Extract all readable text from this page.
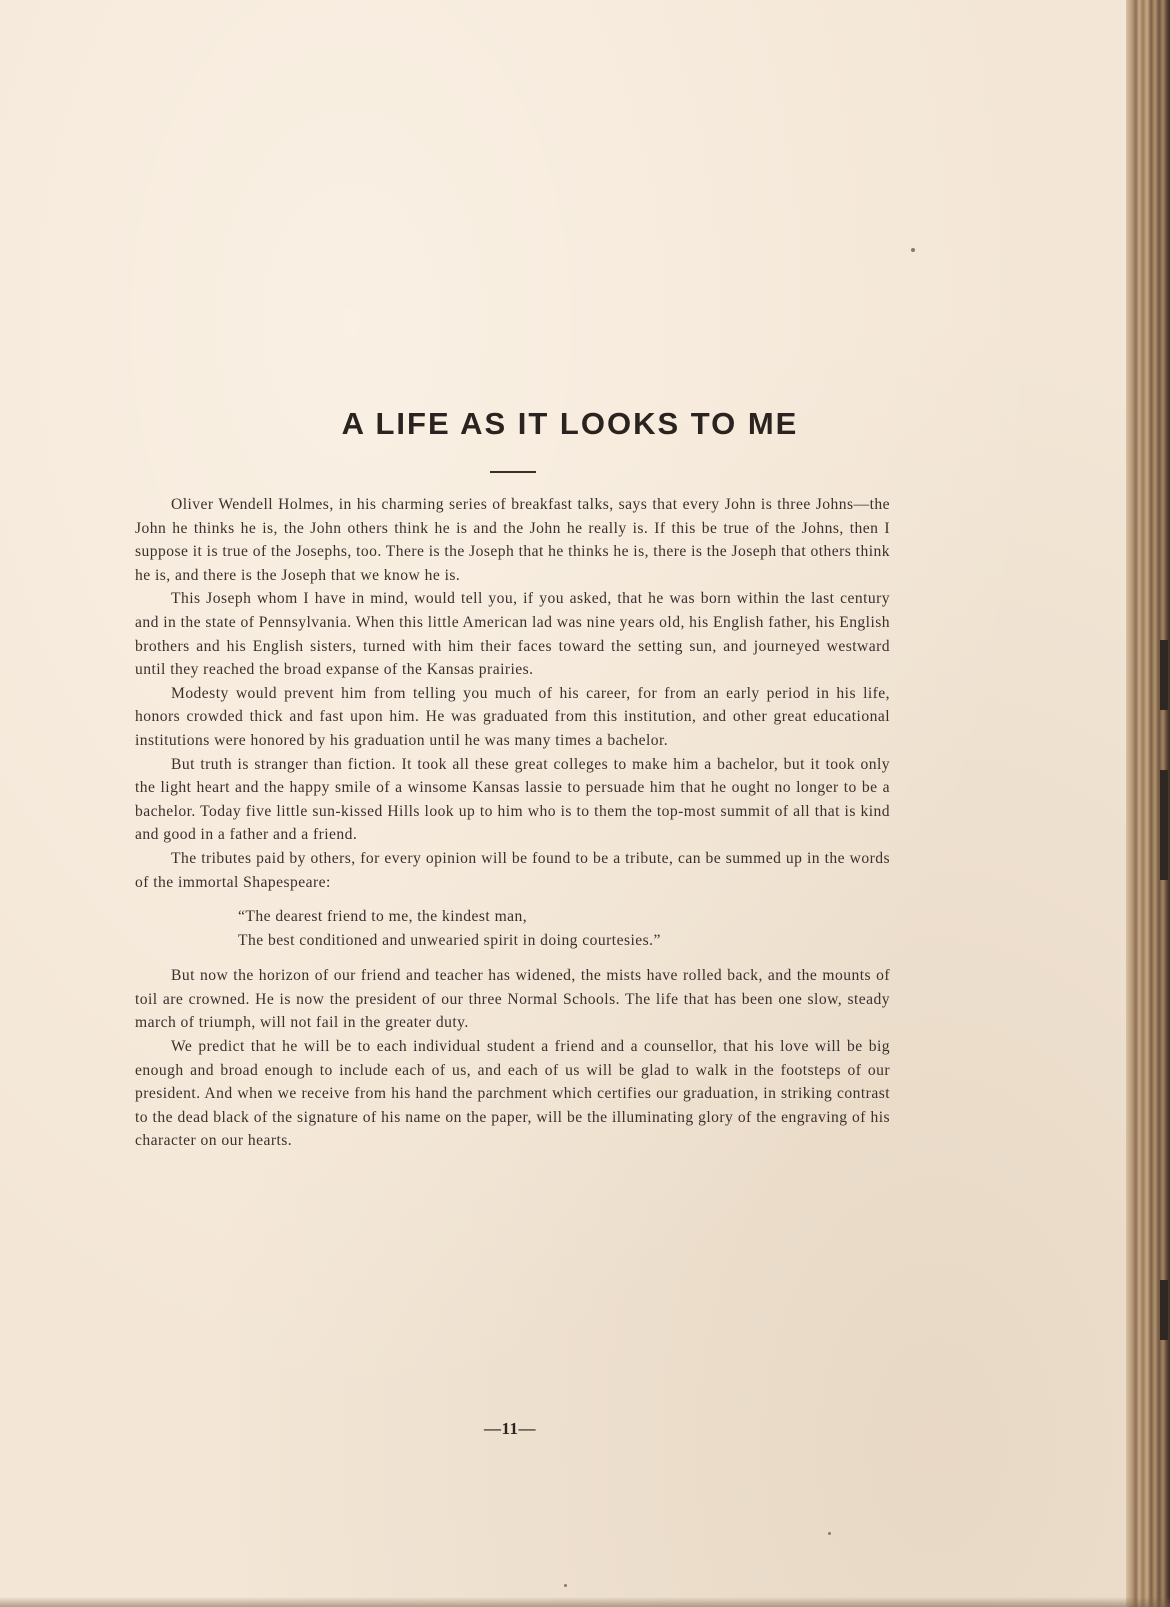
A LIFE AS IT LOOKS TO ME

Oliver Wendell Holmes, in his charming series of breakfast talks, says that every John is three Johns—the John he thinks he is, the John others think he is and the John he really is. If this be true of the Johns, then I suppose it is true of the Josephs, too. There is the Joseph that he thinks he is, there is the Joseph that others think he is, and there is the Joseph that we know he is.

This Joseph whom I have in mind, would tell you, if you asked, that he was born within the last century and in the state of Pennsylvania. When this little American lad was nine years old, his English father, his English brothers and his English sisters, turned with him their faces toward the setting sun, and journeyed westward until they reached the broad expanse of the Kansas prairies.

Modesty would prevent him from telling you much of his career, for from an early period in his life, honors crowded thick and fast upon him. He was graduated from this institution, and other great educational institutions were honored by his graduation until he was many times a bachelor.

But truth is stranger than fiction. It took all these great colleges to make him a bachelor, but it took only the light heart and the happy smile of a winsome Kansas lassie to persuade him that he ought no longer to be a bachelor. Today five little sun-kissed Hills look up to him who is to them the top-most summit of all that is kind and good in a father and a friend.

The tributes paid by others, for every opinion will be found to be a tribute, can be summed up in the words of the immortal Shapespeare:

“The dearest friend to me, the kindest man,
The best conditioned and unwearied spirit in doing courtesies.”

But now the horizon of our friend and teacher has widened, the mists have rolled back, and the mounts of toil are crowned. He is now the president of our three Normal Schools. The life that has been one slow, steady march of triumph, will not fail in the greater duty.

We predict that he will be to each individual student a friend and a counsellor, that his love will be big enough and broad enough to include each of us, and each of us will be glad to walk in the footsteps of our president. And when we receive from his hand the parchment which certifies our graduation, in striking contrast to the dead black of the signature of his name on the paper, will be the illuminating glory of the engraving of his character on our hearts.

—11—
